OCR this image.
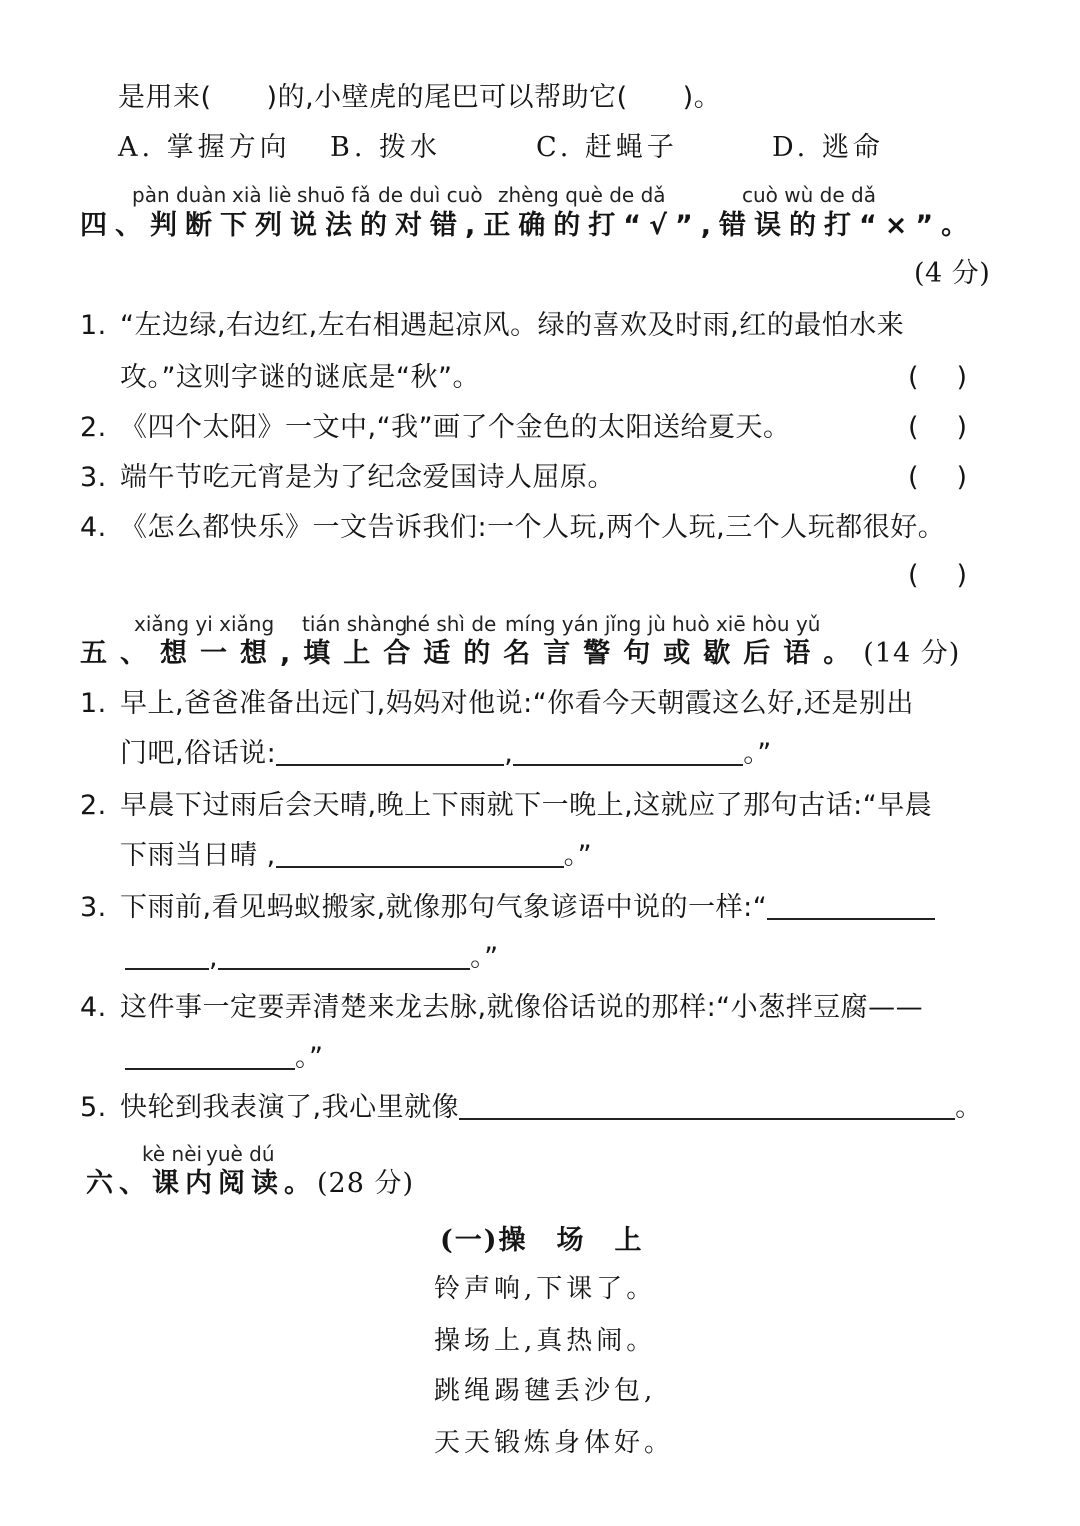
是用来(　　)的,小壁虎的尾巴可以帮助它(　　)。
A. 掌握方向 B. 拨水	C. 赶蝇子	D. 逃命
pàn duàn xià liè shuō fǎ de duì cuò zhèng què de dǎ	cuò wù de dǎ
四、判断下列说法的对错,正确的打“√”,错误的打“×”。
(4 分)
1. “左边绿,右边红,左右相遇起凉风。绿的喜欢及时雨,红的最怕水来
攻。”这则字谜的谜底是“秋”。	()
2. 《四个太阳》一文中,“我”画了个金色的太阳送给夏天。	()
3. 端午节吃元宵是为了纪念爱国诗人屈原。	()
4. 《怎么都快乐》一文告诉我们:一个人玩,两个人玩,三个人玩都很好。
()
xiǎng yi xiǎng tián shàng
hé shì de míng yán jǐng jù huò xiē hòu yǔ
五、想一想,填上合适的名言警句或歇后语。(14 分)
1. 早上,爸爸准备出远门,妈妈对他说:“你看今天朝霞这么好,还是别出
门吧,俗话说:	,	。”
2. 早晨下过雨后会天晴,晚上下雨就下一晚上,这就应了那句古话:“早晨
下雨当日晴 ,	。”
3. 下雨前,看见蚂蚁搬家,就像那句气象谚语中说的一样:“
,	。”
4. 这件事一定要弄清楚来龙去脉,就像俗话说的那样:“小葱拌豆腐——
。”
5. 快轮到我表演了,我心里就像	。
kè nèi yuè dú
六、课内阅读。(28 分)
(一)操　场　上
铃声响,下课了。
操场上,真热闹。
跳绳踢毽丢沙包,
天天锻炼身体好。
